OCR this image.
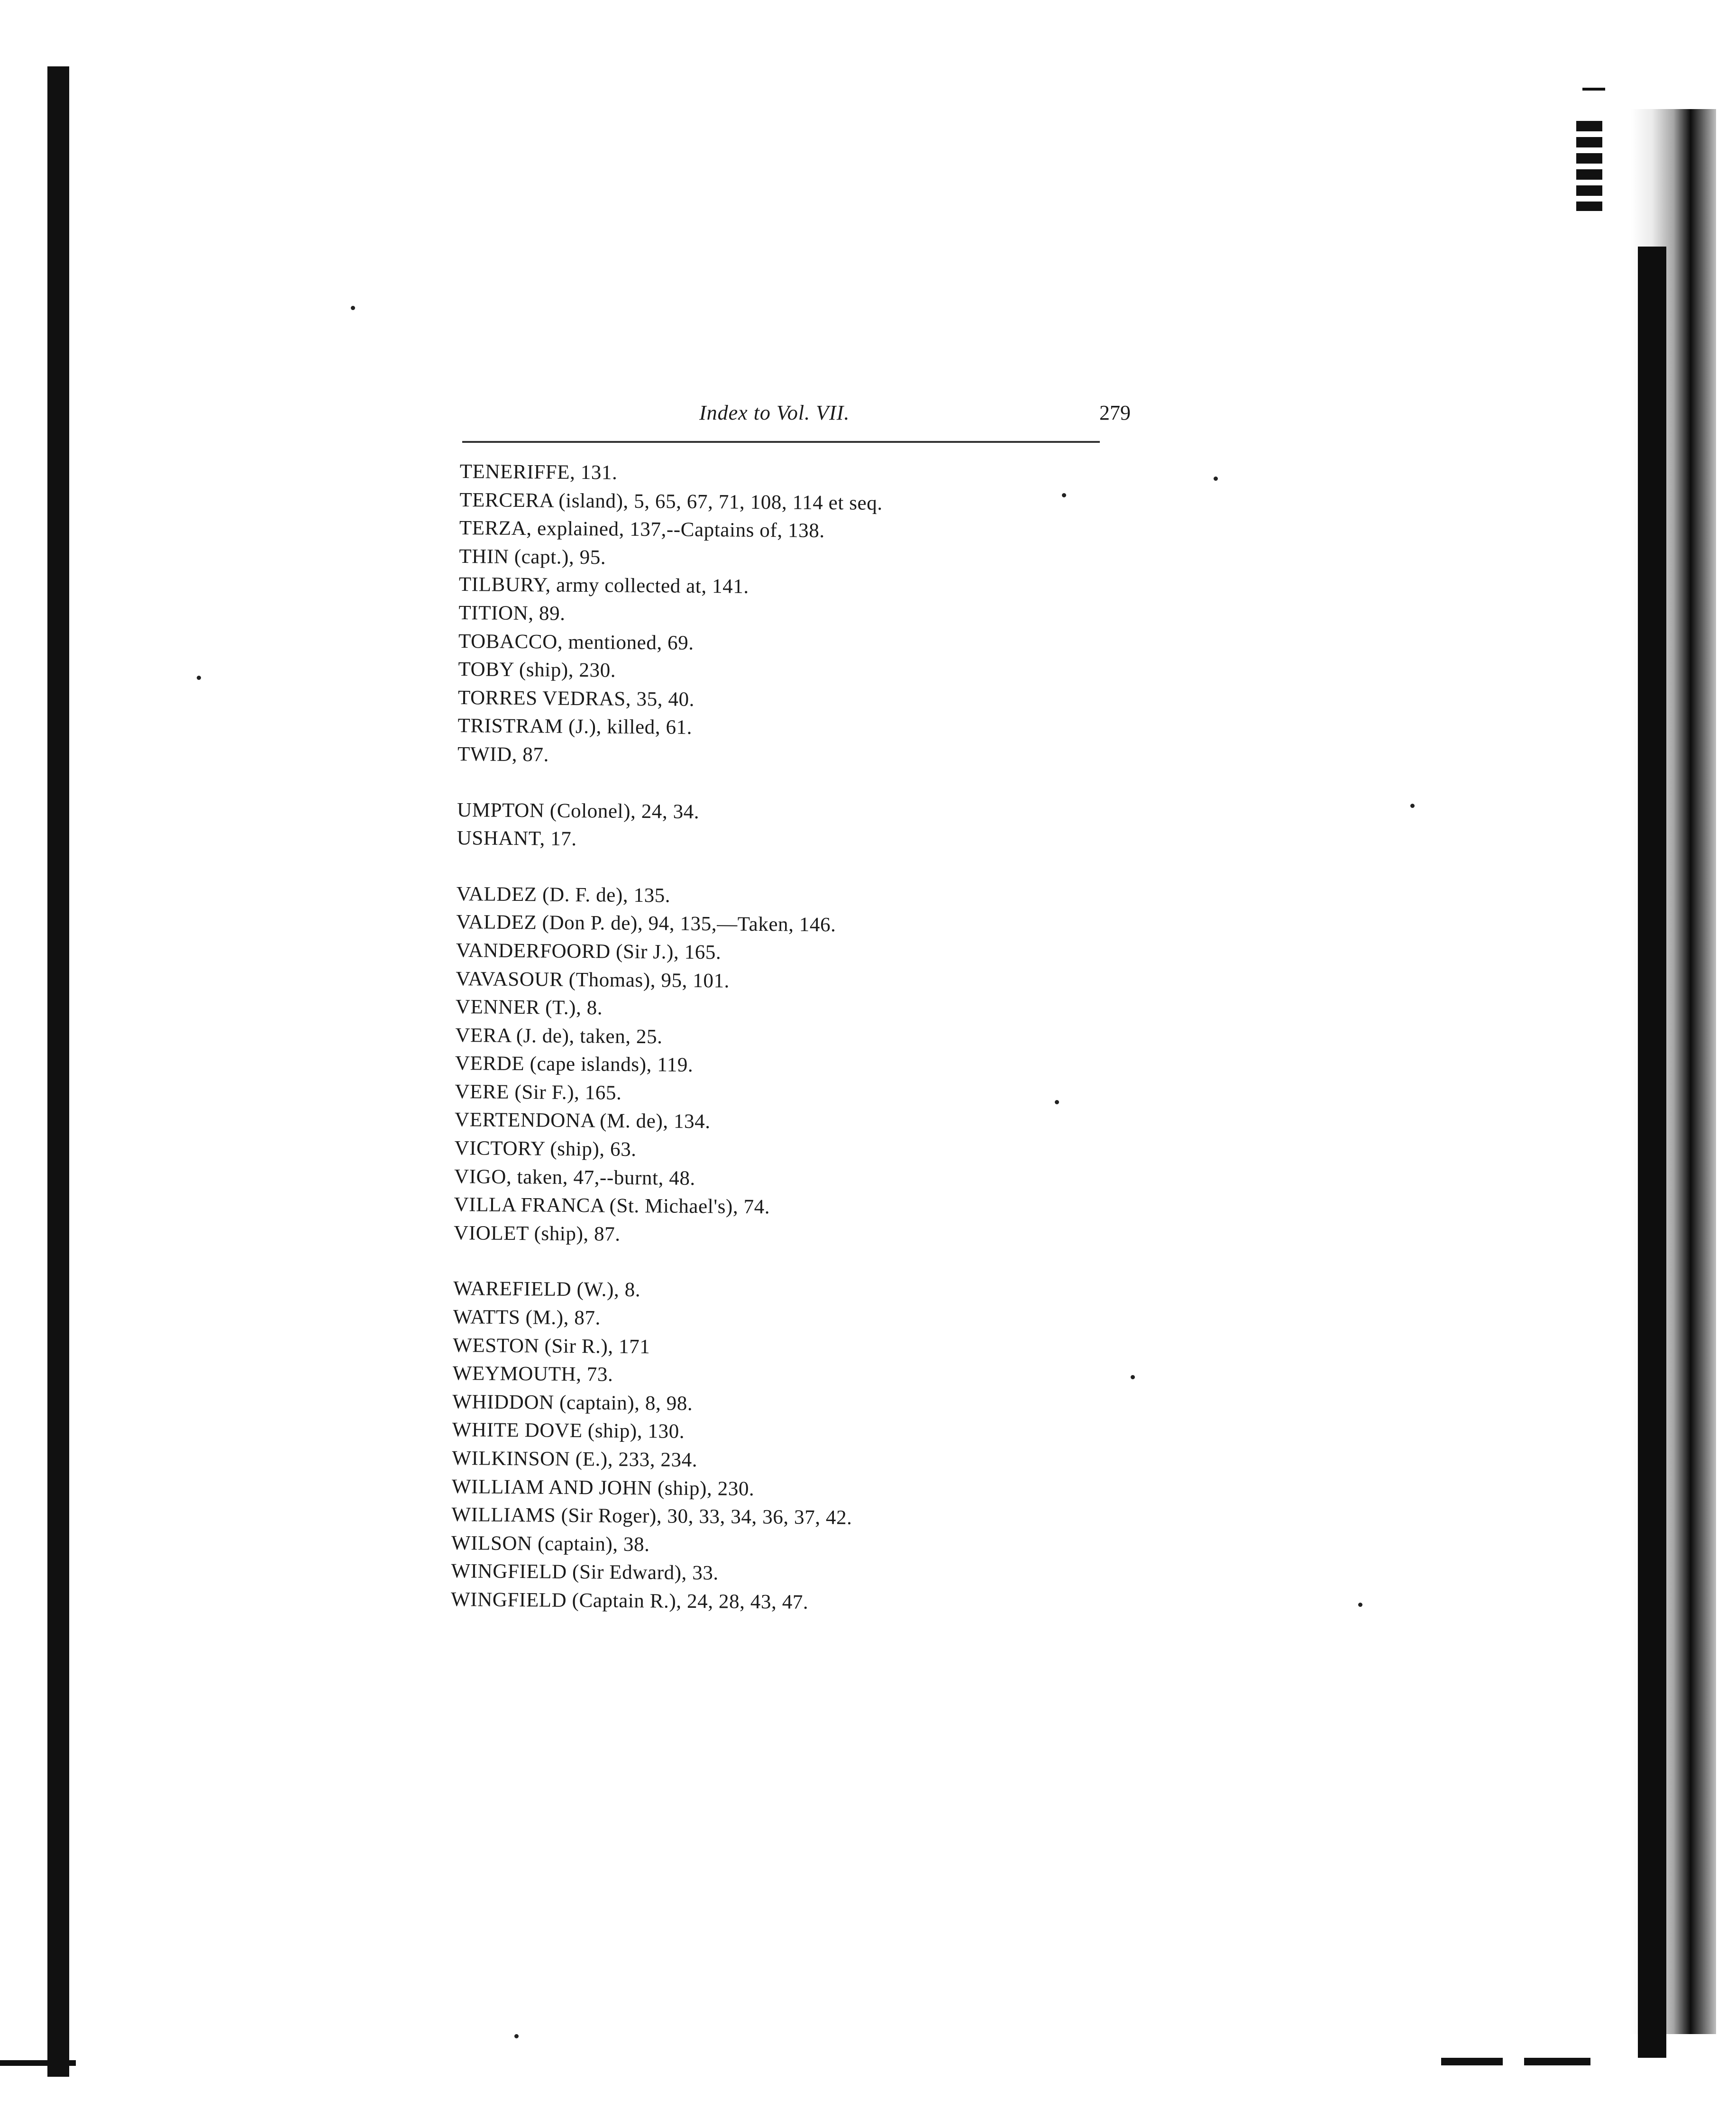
Index to Vol. VII.	279
TENERIFFE, 131.
TERCERA (island), 5, 65, 67, 71, 108, 114 et seq.
TERZA, explained, 137,--Captains of, 138.
THIN (capt.), 95.
TILBURY, army collected at, 141.
TITION, 89.
TOBACCO, mentioned, 69.
TOBY (ship), 230.
TORRES VEDRAS, 35, 40.
TRISTRAM (J.), killed, 61.
TWID, 87.
UMPTON (Colonel), 24, 34.
USHANT, 17.
VALDEZ (D. F. de), 135.
VALDEZ (Don P. de), 94, 135,—Taken, 146.
VANDERFOORD (Sir J.), 165.
VAVASOUR (Thomas), 95, 101.
VENNER (T.), 8.
VERA (J. de), taken, 25.
VERDE (cape islands), 119.
VERE (Sir F.), 165.
VERTENDONA (M. de), 134.
VICTORY (ship), 63.
VIGO, taken, 47,--burnt, 48.
VILLA FRANCA (St. Michael's), 74.
VIOLET (ship), 87.
WAREFIELD (W.), 8.
WATTS (M.), 87.
WESTON (Sir R.), 171
WEYMOUTH, 73.
WHIDDON (captain), 8, 98.
WHITE DOVE (ship), 130.
WILKINSON (E.), 233, 234.
WILLIAM AND JOHN (ship), 230.
WILLIAMS (Sir Roger), 30, 33, 34, 36, 37, 42.
WILSON (captain), 38.
WINGFIELD (Sir Edward), 33.
WINGFIELD (Captain R.), 24, 28, 43, 47.
